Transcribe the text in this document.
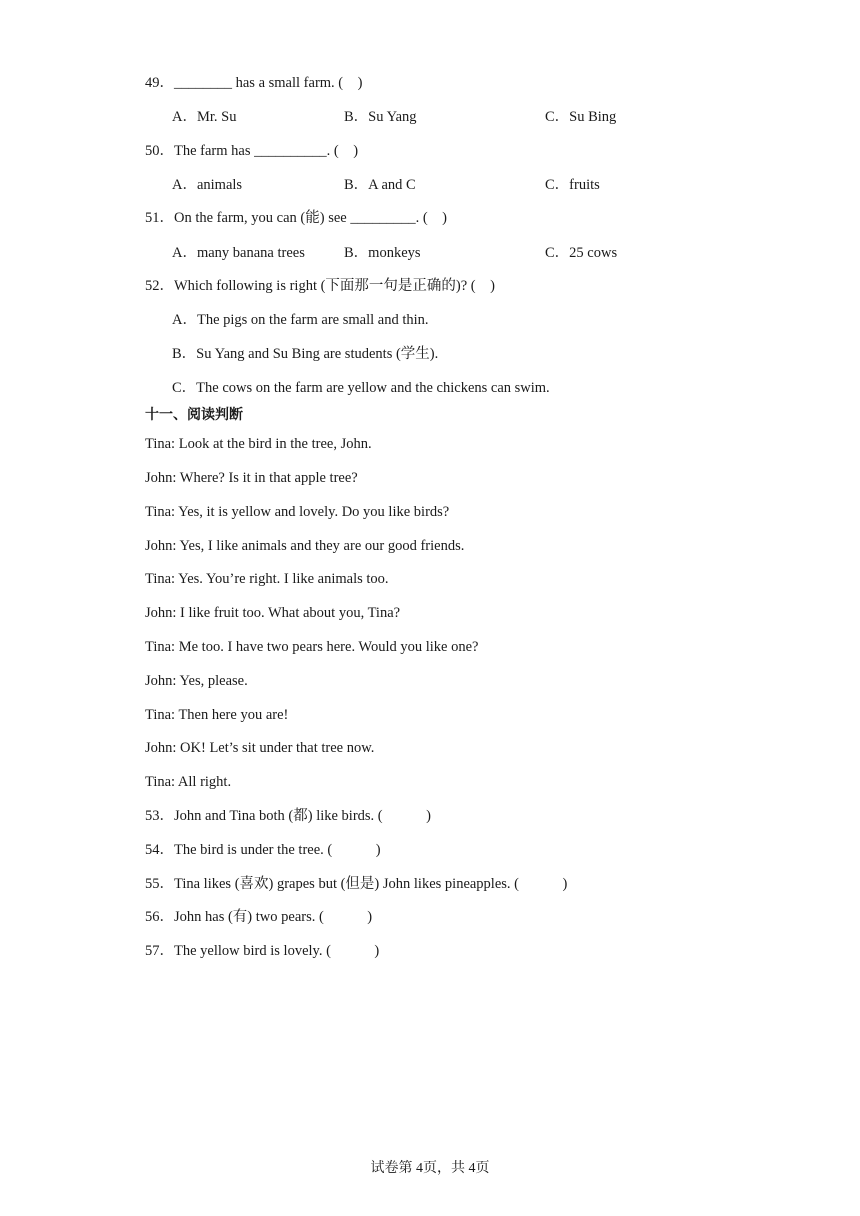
49．________ has a small farm. (　)
A．Mr. Su	B．Su Yang	C．Su Bing
50．The farm has __________. (　)
A．animals	B．A and C	C．fruits
51．On the farm, you can (能) see _________. (　)
A．many banana trees	B．monkeys	C．25 cows
52．Which following is right (下面那一句是正确的)? (　)
A．The pigs on the farm are small and thin.
B．Su Yang and Su Bing are students (学生).
C．The cows on the farm are yellow and the chickens can swim.
十一、阅读判断
Tina: Look at the bird in the tree, John.
John: Where? Is it in that apple tree?
Tina: Yes, it is yellow and lovely. Do you like birds?
John: Yes, I like animals and they are our good friends.
Tina: Yes. You’re right. I like animals too.
John: I like fruit too. What about you, Tina?
Tina: Me too. I have two pears here. Would you like one?
John: Yes, please.
Tina: Then here you are!
John: OK! Let’s sit under that tree now.
Tina: All right.
53．John and Tina both (都) like birds. (　　　)
54．The bird is under the tree. (　　　)
55．Tina likes (喜欢) grapes but (但是) John likes pineapples. (　　　)
56．John has (有) two pears. (　　　)
57．The yellow bird is lovely. (　　　)
试卷第 4页，共 4页
